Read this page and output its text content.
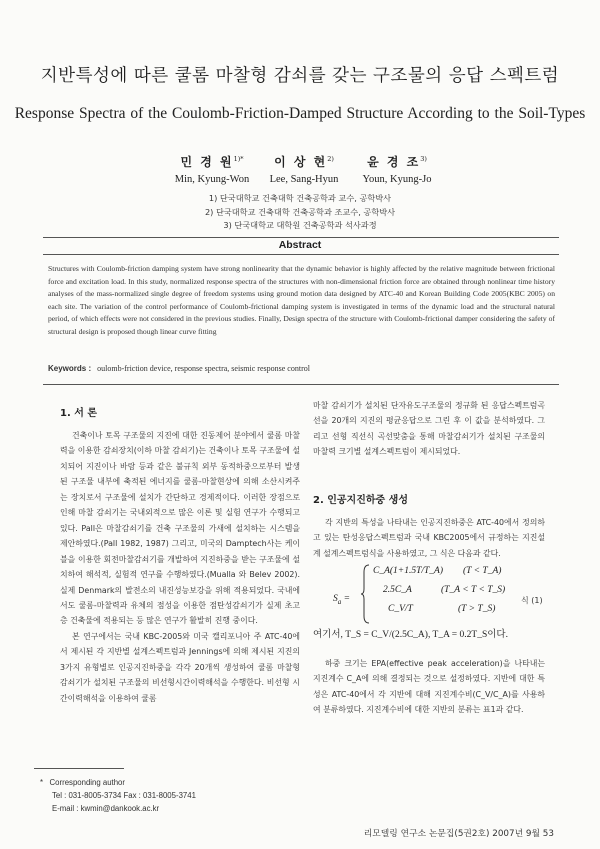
지반특성에 따른 쿨롬 마찰형 감쇠를 갖는 구조물의 응답 스펙트럼
Response Spectra of the Coulomb-Friction-Damped Structure According to the Soil-Types
민 경 원$^{1)*}$
Min, Kyung-Won
이 상 현$^{2)}$
Lee, Sang-Hyun
윤 경 조$^{3)}$
Youn, Kyung-Jo
1) 단국대학교 건축대학 건축공학과 교수, 공학박사
2) 단국대학교 건축대학 건축공학과 조교수, 공학박사
3) 단국대학교 대학원 건축공학과 석사과정
Abstract
Structures with Coulomb-friction damping system have strong nonlinearity that the dynamic behavior is highly affected by the relative magnitude between frictional force and excitation load. In this study, normalized response spectra of the structures with non-dimensional friction force are obtained through nonlinear time history analyses of the mass-normalized single degree of freedom systems using ground motion data designed by ATC-40 and Korean Building Code 2005(KBC 2005) on each site. The variation of the control performance of Coulomb-frictional damping system is investigated in terms of the dynamic load and the structural natural period, of which effects were not considered in the previous studies. Finally, Design spectra of the structure with Coulomb-frictional damper considering the safety of structural design is proposed though linear curve fitting
Keywords : oulomb-friction device, response spectra, seismic response control
1. 서 론

건축이나 토목 구조물의 지진에 대한 진동제어 분야에서 쿨롬 마찰력을 이용한 감쇠장치(이하 마찰 감쇠기)는 건축이나 토목 구조물에 설치되어 지진이나 바람 등과 같은 불규칙 외부 동적하중으로부터 발생된 구조물 내부에 축적된 에너지를 쿨롬-마찰현상에 의해 소산시켜주는 장치로서 구조물에 설치가 간단하고 경제적이다. 이러한 장점으로 인해 마찰 감쇠기는 국내외적으로 많은 이론 및 실험 연구가 수행되고 있다. Pall은 마찰감쇠기를 건축 구조물의 가새에 설치하는 시스템을 제안하였다.(Pall 1982, 1987) 그리고, 미국의 Damptech사는 케이블을 이용한 회전마찰감쇠기를 개발하여 지진하중을 받는 구조물에 설치하여 해석적, 실험적 연구를 수행하였다.(Mualla 와 Belev 2002). 실제 Denmark의 발전소의 내진성능보강을 위해 적용되었다. 국내에서도 쿨롬-마찰력과 유체의 점성을 이용한 점탄성감쇠기가 실제 초고층 건축물에 적용되는 등 많은 연구가 활발히 진행 중이다.

본 연구에서는 국내 KBC-2005와 미국 캘리포니아 주 ATC-40에서 제시된 각 지반별 설계스펙트럼과 Jennings에 의해 제시된 지진의 3가지 유형별로 인공지진하중을 각각 20개씩 생성하여 쿨롬 마찰형 감쇠기가 설치된 구조물의 비선형시간이력해석을 수행한다. 비선형 시간이력해석을 이용하여 쿨롬

마찰 감쇠기가 설치된 단자유도구조물의 정규화 된 응답스펙트럼곡선을 20개의 지진의 평균응답으로 그린 후 이 값을 분석하였다. 그리고 선형 직선식 곡선맞춤을 통해 마찰감쇠기가 설치된 구조물의 마찰력 크기별 설계스펙트럼이 제시되었다.

2. 인공지진하중 생성

각 지반의 특성을 나타내는 인공지진하중은 ATC-40에서 정의하고 있는 탄성응답스펙트럼과 국내 KBC2005에서 규정하는 지진설계 설계스펙트럼식을 사용하였고, 그 식은 다음과 같다.

$S_a$ =
C_A(1+1.5T/T_A) (T < T_A)
2.5C_A	(T_A < T < T_S)
C_V/T	(T > T_S)
식 (1)
여기서, T_S = C_V/(2.5C_A), T_A = 0.2T_S이다.

하중 크기는 EPA(effective peak acceleration)을 나타내는 지진계수 C_A에 의해 결정되는 것으로 설정하였다. 지반에 대한 특성은 ATC-40에서 각 지반에 대해 지진계수비(C_V/C_A)를 사용하여 분류하였다. 지진계수비에 대한 지반의 분류는 표1과 같다.

* Corresponding author
Tel : 031-8005-3734 Fax : 031-8005-3741
E-mail : kwmin@dankook.ac.kr
리모델링 연구소 논문집(5권2호) 2007년 9월 53
